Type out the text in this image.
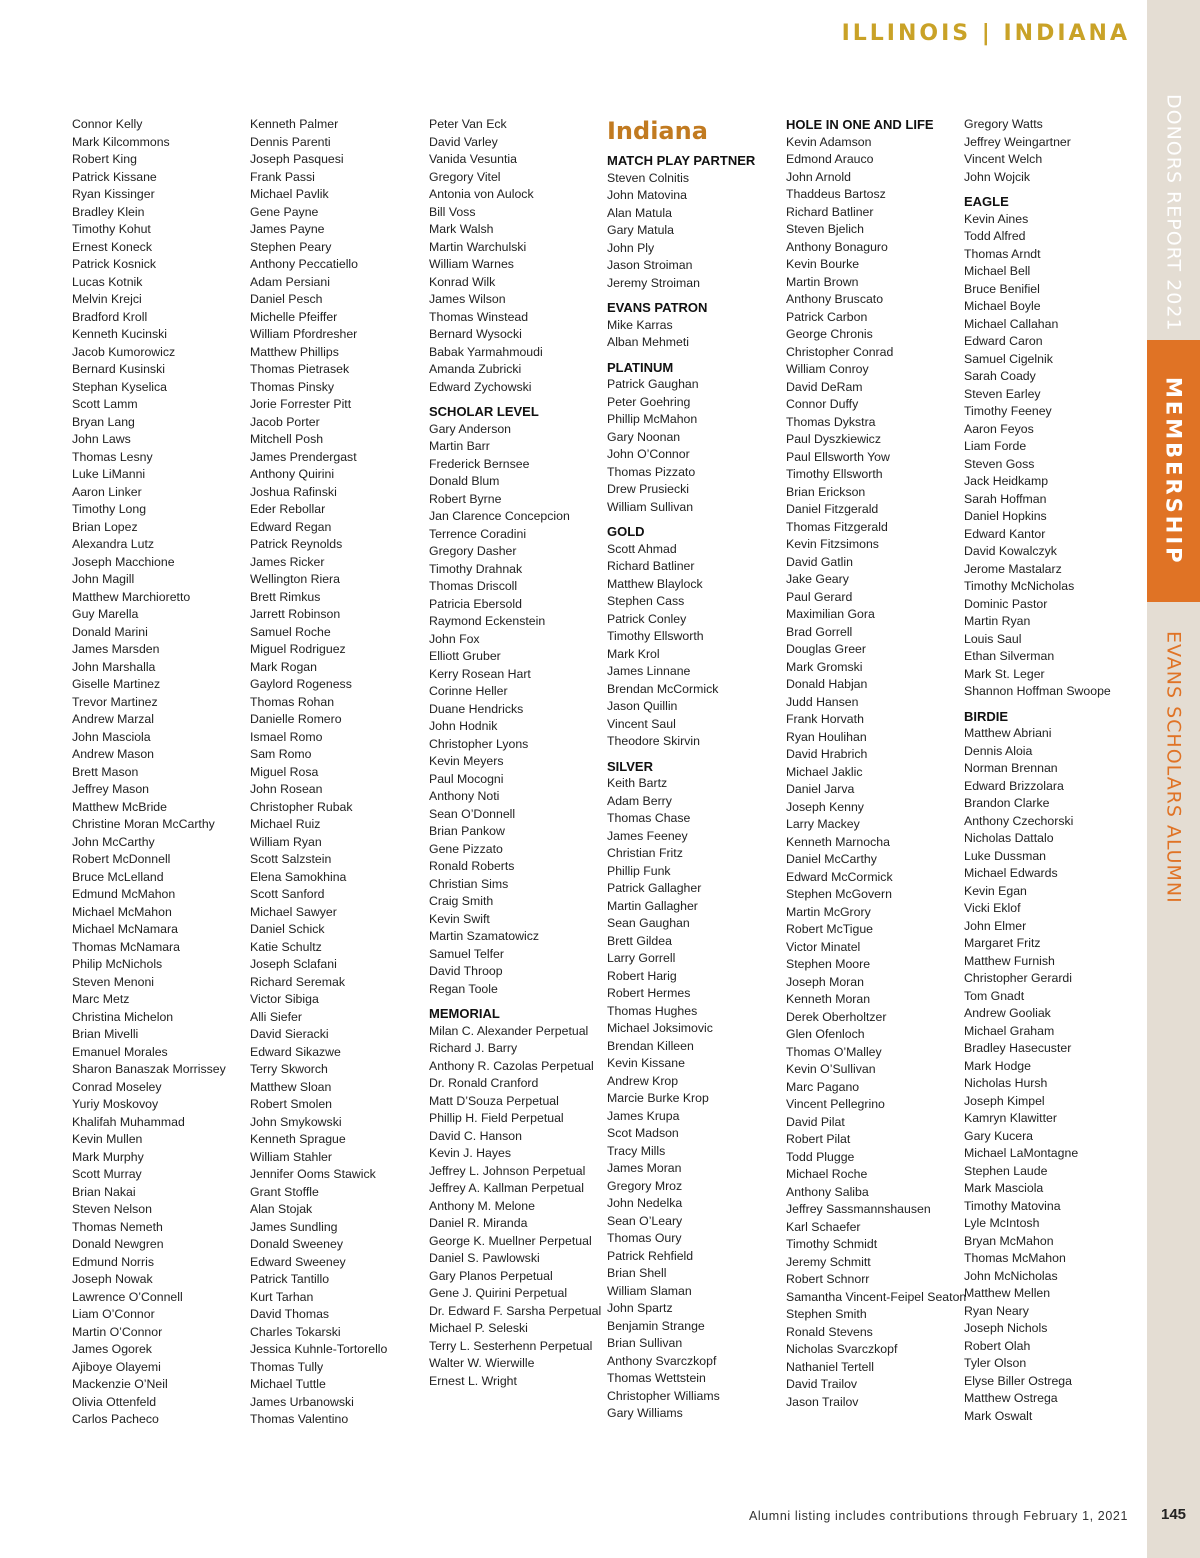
ILLINOIS | INDIANA
DONORS REPORT 2021
MEMBERSHIP
EVANS SCHOLARS ALUMNI
145
Connor Kelly
Mark Kilcommons
Robert King
Patrick Kissane
Ryan Kissinger
Bradley Klein
Timothy Kohut
Ernest Koneck
Patrick Kosnick
Lucas Kotnik
Melvin Krejci
Bradford Kroll
Kenneth Kucinski
Jacob Kumorowicz
Bernard Kusinski
Stephan Kyselica
Scott Lamm
Bryan Lang
John Laws
Thomas Lesny
Luke LiManni
Aaron Linker
Timothy Long
Brian Lopez
Alexandra Lutz
Joseph Macchione
John Magill
Matthew Marchioretto
Guy Marella
Donald Marini
James Marsden
John Marshalla
Giselle Martinez
Trevor Martinez
Andrew Marzal
John Masciola
Andrew Mason
Brett Mason
Jeffrey Mason
Matthew McBride
Christine Moran McCarthy
John McCarthy
Robert McDonnell
Bruce McLelland
Edmund McMahon
Michael McMahon
Michael McNamara
Thomas McNamara
Philip McNichols
Steven Menoni
Marc Metz
Christina Michelon
Brian Mivelli
Emanuel Morales
Sharon Banaszak Morrissey
Conrad Moseley
Yuriy Moskovoy
Khalifah Muhammad
Kevin Mullen
Mark Murphy
Scott Murray
Brian Nakai
Steven Nelson
Thomas Nemeth
Donald Newgren
Edmund Norris
Joseph Nowak
Lawrence O’Connell
Liam O’Connor
Martin O’Connor
James Ogorek
Ajiboye Olayemi
Mackenzie O’Neil
Olivia Ottenfeld
Carlos Pacheco
Kenneth Palmer
Dennis Parenti
Joseph Pasquesi
Frank Passi
Michael Pavlik
Gene Payne
James Payne
Stephen Peary
Anthony Peccatiello
Adam Persiani
Daniel Pesch
Michelle Pfeiffer
William Pfordresher
Matthew Phillips
Thomas Pietrasek
Thomas Pinsky
Jorie Forrester Pitt
Jacob Porter
Mitchell Posh
James Prendergast
Anthony Quirini
Joshua Rafinski
Eder Rebollar
Edward Regan
Patrick Reynolds
James Ricker
Wellington Riera
Brett Rimkus
Jarrett Robinson
Samuel Roche
Miguel Rodriguez
Mark Rogan
Gaylord Rogeness
Thomas Rohan
Danielle Romero
Ismael Romo
Sam Romo
Miguel Rosa
John Rosean
Christopher Rubak
Michael Ruiz
William Ryan
Scott Salzstein
Elena Samokhina
Scott Sanford
Michael Sawyer
Daniel Schick
Katie Schultz
Joseph Sclafani
Richard Seremak
Victor Sibiga
Alli Siefer
David Sieracki
Edward Sikazwe
Terry Skworch
Matthew Sloan
Robert Smolen
John Smykowski
Kenneth Sprague
William Stahler
Jennifer Ooms Stawick
Grant Stoffle
Alan Stojak
James Sundling
Donald Sweeney
Edward Sweeney
Patrick Tantillo
Kurt Tarhan
David Thomas
Charles Tokarski
Jessica Kuhnle-Tortorello
Thomas Tully
Michael Tuttle
James Urbanowski
Thomas Valentino
Peter Van Eck
David Varley
Vanida Vesuntia
Gregory Vitel
Antonia von Aulock
Bill Voss
Mark Walsh
Martin Warchulski
William Warnes
Konrad Wilk
James Wilson
Thomas Winstead
Bernard Wysocki
Babak Yarmahmoudi
Amanda Zubricki
Edward Zychowski
SCHOLAR LEVEL
Gary Anderson
Martin Barr
Frederick Bernsee
Donald Blum
Robert Byrne
Jan Clarence Concepcion
Terrence Coradini
Gregory Dasher
Timothy Drahnak
Thomas Driscoll
Patricia Ebersold
Raymond Eckenstein
John Fox
Elliott Gruber
Kerry Rosean Hart
Corinne Heller
Duane Hendricks
John Hodnik
Christopher Lyons
Kevin Meyers
Paul Mocogni
Anthony Noti
Sean O’Donnell
Brian Pankow
Gene Pizzato
Ronald Roberts
Christian Sims
Craig Smith
Kevin Swift
Martin Szamatowicz
Samuel Telfer
David Throop
Regan Toole
MEMORIAL
Milan C. Alexander Perpetual
Richard J. Barry
Anthony R. Cazolas Perpetual
Dr. Ronald Cranford
Matt D’Souza Perpetual
Phillip H. Field Perpetual
David C. Hanson
Kevin J. Hayes
Jeffrey L. Johnson Perpetual
Jeffrey A. Kallman Perpetual
Anthony M. Melone
Daniel R. Miranda
George K. Muellner Perpetual
Daniel S. Pawlowski
Gary Planos Perpetual
Gene J. Quirini Perpetual
Dr. Edward F. Sarsha Perpetual
Michael P. Seleski
Terry L. Sesterhenn Perpetual
Walter W. Wierwille
Ernest L. Wright
Indiana
MATCH PLAY PARTNER
Steven Colnitis
John Matovina
Alan Matula
Gary Matula
John Ply
Jason Stroiman
Jeremy Stroiman
EVANS PATRON
Mike Karras
Alban Mehmeti
PLATINUM
Patrick Gaughan
Peter Goehring
Phillip McMahon
Gary Noonan
John O’Connor
Thomas Pizzato
Drew Prusiecki
William Sullivan
GOLD
Scott Ahmad
Richard Batliner
Matthew Blaylock
Stephen Cass
Patrick Conley
Timothy Ellsworth
Mark Krol
James Linnane
Brendan McCormick
Jason Quillin
Vincent Saul
Theodore Skirvin
SILVER
Keith Bartz
Adam Berry
Thomas Chase
James Feeney
Christian Fritz
Phillip Funk
Patrick Gallagher
Martin Gallagher
Sean Gaughan
Brett Gildea
Larry Gorrell
Robert Harig
Robert Hermes
Thomas Hughes
Michael Joksimovic
Brendan Killeen
Kevin Kissane
Andrew Krop
Marcie Burke Krop
James Krupa
Scot Madson
Tracy Mills
James Moran
Gregory Mroz
John Nedelka
Sean O’Leary
Thomas Oury
Patrick Rehfield
Brian Shell
William Slaman
John Spartz
Benjamin Strange
Brian Sullivan
Anthony Svarczkopf
Thomas Wettstein
Christopher Williams
Gary Williams
HOLE IN ONE AND LIFE
Kevin Adamson
Edmond Arauco
John Arnold
Thaddeus Bartosz
Richard Batliner
Steven Bjelich
Anthony Bonaguro
Kevin Bourke
Martin Brown
Anthony Bruscato
Patrick Carbon
George Chronis
Christopher Conrad
William Conroy
David DeRam
Connor Duffy
Thomas Dykstra
Paul Dyszkiewicz
Paul Ellsworth Yow
Timothy Ellsworth
Brian Erickson
Daniel Fitzgerald
Thomas Fitzgerald
Kevin Fitzsimons
David Gatlin
Jake Geary
Paul Gerard
Maximilian Gora
Brad Gorrell
Douglas Greer
Mark Gromski
Donald Habjan
Judd Hansen
Frank Horvath
Ryan Houlihan
David Hrabrich
Michael Jaklic
Daniel Jarva
Joseph Kenny
Larry Mackey
Kenneth Marnocha
Daniel McCarthy
Edward McCormick
Stephen McGovern
Martin McGrory
Robert McTigue
Victor Minatel
Stephen Moore
Joseph Moran
Kenneth Moran
Derek Oberholtzer
Glen Ofenloch
Thomas O’Malley
Kevin O’Sullivan
Marc Pagano
Vincent Pellegrino
David Pilat
Robert Pilat
Todd Plugge
Michael Roche
Anthony Saliba
Jeffrey Sassmannshausen
Karl Schaefer
Timothy Schmidt
Jeremy Schmitt
Robert Schnorr
Samantha Vincent-Feipel Seaton
Stephen Smith
Ronald Stevens
Nicholas Svarczkopf
Nathaniel Tertell
David Trailov
Jason Trailov
Gregory Watts
Jeffrey Weingartner
Vincent Welch
John Wojcik
EAGLE
Kevin Aines
Todd Alfred
Thomas Arndt
Michael Bell
Bruce Benifiel
Michael Boyle
Michael Callahan
Edward Caron
Samuel Cigelnik
Sarah Coady
Steven Earley
Timothy Feeney
Aaron Feyos
Liam Forde
Steven Goss
Jack Heidkamp
Sarah Hoffman
Daniel Hopkins
Edward Kantor
David Kowalczyk
Jerome Mastalarz
Timothy McNicholas
Dominic Pastor
Martin Ryan
Louis Saul
Ethan Silverman
Mark St. Leger
Shannon Hoffman Swoope
BIRDIE
Matthew Abriani
Dennis Aloia
Norman Brennan
Edward Brizzolara
Brandon Clarke
Anthony Czechorski
Nicholas Dattalo
Luke Dussman
Michael Edwards
Kevin Egan
Vicki Eklof
John Elmer
Margaret Fritz
Matthew Furnish
Christopher Gerardi
Tom Gnadt
Andrew Gooliak
Michael Graham
Bradley Hasecuster
Mark Hodge
Nicholas Hursh
Joseph Kimpel
Kamryn Klawitter
Gary Kucera
Michael LaMontagne
Stephen Laude
Mark Masciola
Timothy Matovina
Lyle McIntosh
Bryan McMahon
Thomas McMahon
John McNicholas
Matthew Mellen
Ryan Neary
Joseph Nichols
Robert Olah
Tyler Olson
Elyse Biller Ostrega
Matthew Ostrega
Mark Oswalt
Alumni listing includes contributions through February 1, 2021
